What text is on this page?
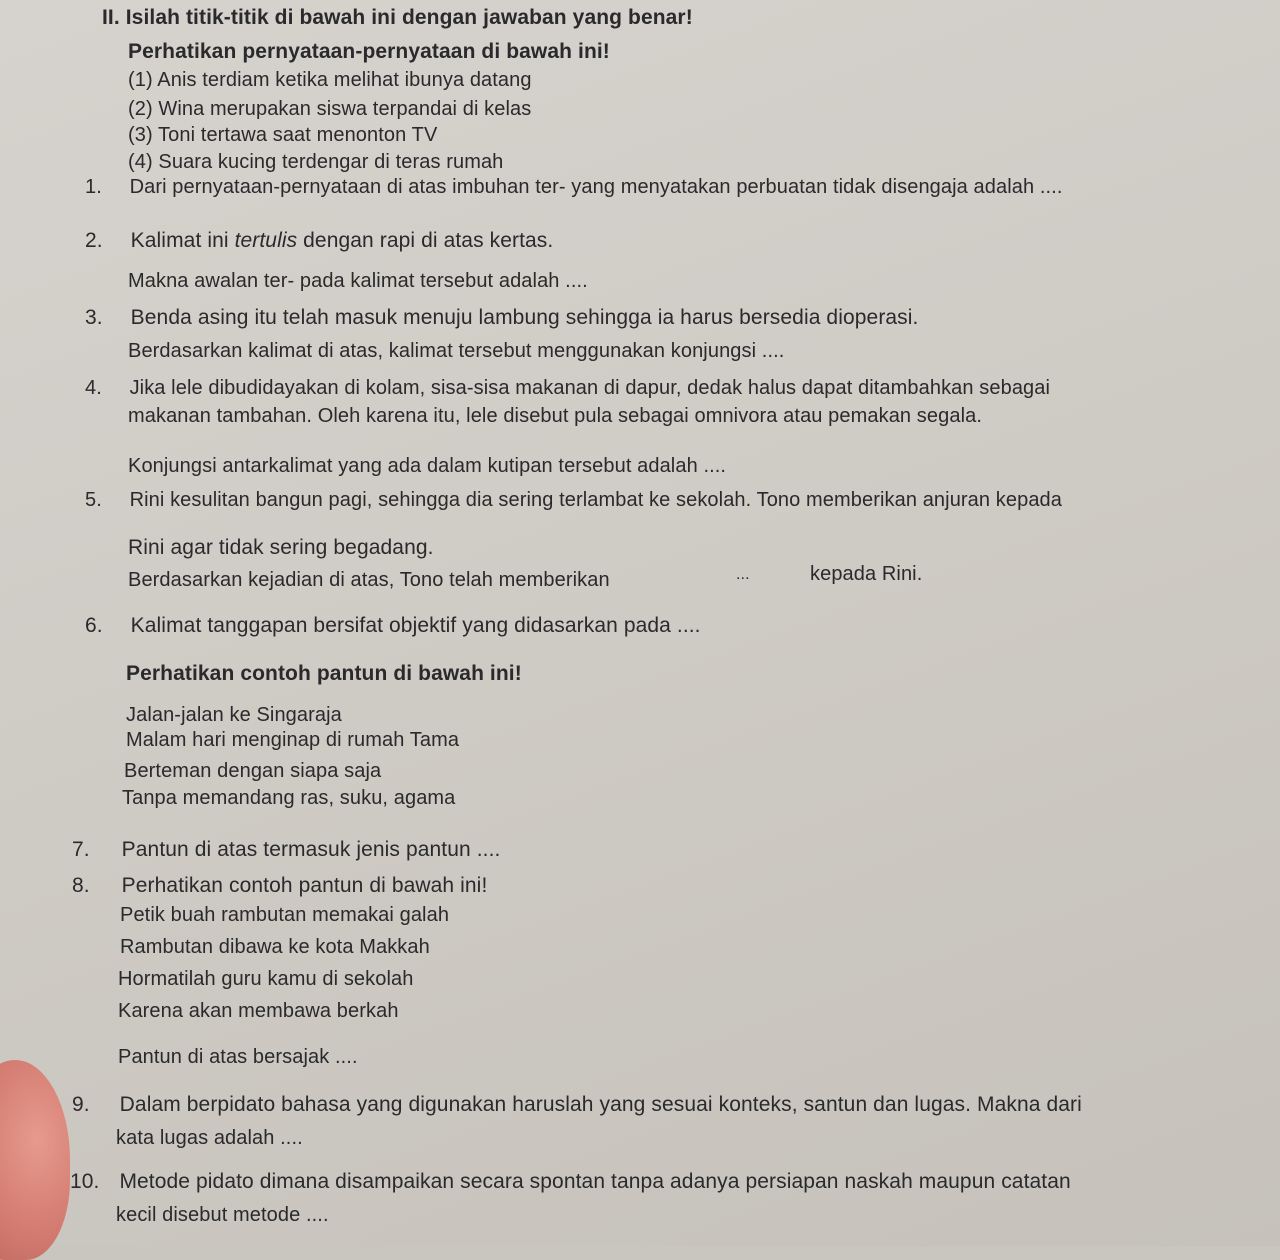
II. Isilah titik-titik di bawah ini dengan jawaban yang benar!
Perhatikan pernyataan-pernyataan di bawah ini!
(1) Anis terdiam ketika melihat ibunya datang
(2) Wina merupakan siswa terpandai di kelas
(3) Toni tertawa saat menonton TV
(4) Suara kucing terdengar di teras rumah
1. Dari pernyataan-pernyataan di atas imbuhan ter- yang menyatakan perbuatan tidak disengaja adalah ....
2. Kalimat ini tertulis dengan rapi di atas kertas.
Makna awalan ter- pada kalimat tersebut adalah ....
3. Benda asing itu telah masuk menuju lambung sehingga ia harus bersedia dioperasi.
Berdasarkan kalimat di atas, kalimat tersebut menggunakan konjungsi ....
4. Jika lele dibudidayakan di kolam, sisa-sisa makanan di dapur, dedak halus dapat ditambahkan sebagai
makanan tambahan. Oleh karena itu, lele disebut pula sebagai omnivora atau pemakan segala.
Konjungsi antarkalimat yang ada dalam kutipan tersebut adalah ....
5. Rini kesulitan bangun pagi, sehingga dia sering terlambat ke sekolah. Tono memberikan anjuran kepada
Rini agar tidak sering begadang.
Berdasarkan kejadian di atas, Tono telah memberikan	...	kepada Rini.
6. Kalimat tanggapan bersifat objektif yang didasarkan pada ....
Perhatikan contoh pantun di bawah ini!
Jalan-jalan ke Singaraja
Malam hari menginap di rumah Tama
Berteman dengan siapa saja
Tanpa memandang ras, suku, agama
7. Pantun di atas termasuk jenis pantun ....
8. Perhatikan contoh pantun di bawah ini!
Petik buah rambutan memakai galah
Rambutan dibawa ke kota Makkah
Hormatilah guru kamu di sekolah
Karena akan membawa berkah
Pantun di atas bersajak ....
9. Dalam berpidato bahasa yang digunakan haruslah yang sesuai konteks, santun dan lugas. Makna dari
kata lugas adalah ....
10. Metode pidato dimana disampaikan secara spontan tanpa adanya persiapan naskah maupun catatan
kecil disebut metode ....
